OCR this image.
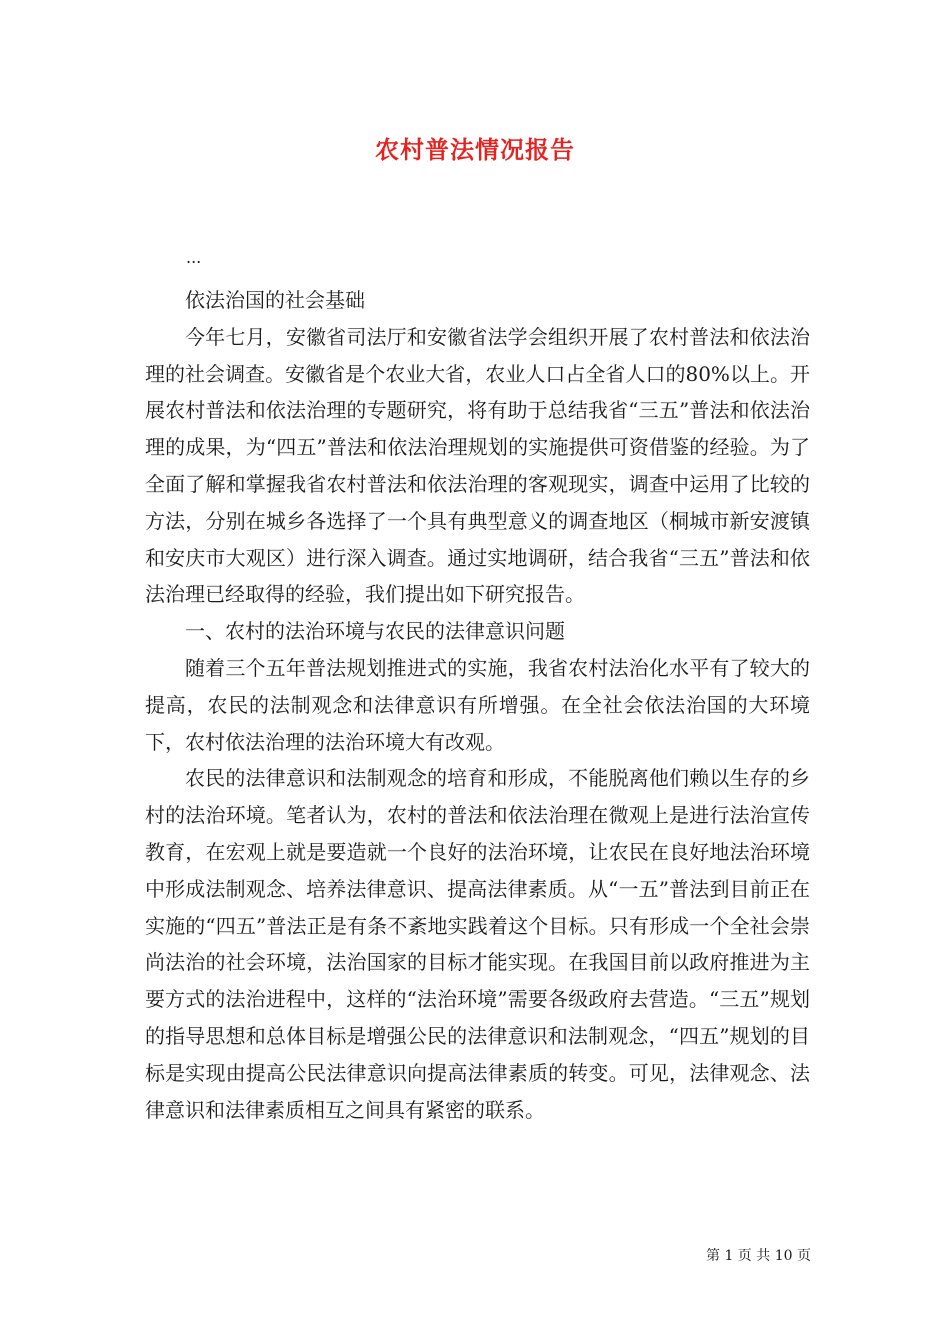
农村普法情况报告
...

依法治国的社会基础

今年七月，安徽省司法厅和安徽省法学会组织开展了农村普法和依法治理的社会调查。安徽省是个农业大省，农业人口占全省人口的80%以上。开展农村普法和依法治理的专题研究，将有助于总结我省“三五”普法和依法治理的成果，为“四五”普法和依法治理规划的实施提供可资借鉴的经验。为了全面了解和掌握我省农村普法和依法治理的客观现实，调查中运用了比较的方法，分别在城乡各选择了一个具有典型意义的调查地区（桐城市新安渡镇和安庆市大观区）进行深入调查。通过实地调研，结合我省“三五”普法和依法治理已经取得的经验，我们提出如下研究报告。

一、农村的法治环境与农民的法律意识问题

随着三个五年普法规划推进式的实施，我省农村法治化水平有了较大的提高，农民的法制观念和法律意识有所增强。在全社会依法治国的大环境下，农村依法治理的法治环境大有改观。

农民的法律意识和法制观念的培育和形成，不能脱离他们赖以生存的乡村的法治环境。笔者认为，农村的普法和依法治理在微观上是进行法治宣传教育，在宏观上就是要造就一个良好的法治环境，让农民在良好地法治环境中形成法制观念、培养法律意识、提高法律素质。从“一五”普法到目前正在实施的“四五”普法正是有条不紊地实践着这个目标。只有形成一个全社会崇尚法治的社会环境，法治国家的目标才能实现。在我国目前以政府推进为主要方式的法治进程中，这样的“法治环境”需要各级政府去营造。“三五”规划的指导思想和总体目标是增强公民的法律意识和法制观念，“四五”规划的目标是实现由提高公民法律意识向提高法律素质的转变。可见，法律观念、法律意识和法律素质相互之间具有紧密的联系。

第 1 页 共 10 页
